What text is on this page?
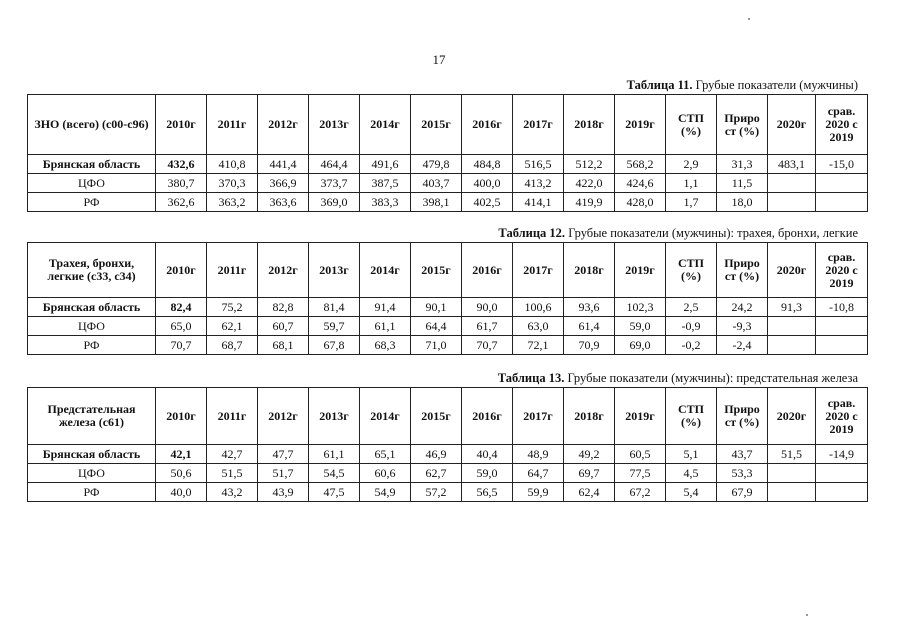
17
Таблица 11. Грубые показатели (мужчины)
ЗНО (всего) (с00-с96)	2010г	2011г	2012г	2013г	2014г	2015г	2016г	2017г	2018г	2019г	СТП (%)	Приро ст (%)	2020г	срав. 2020 с 2019
Брянская область	432,6	410,8	441,4	464,4	491,6	479,8	484,8	516,5	512,2	568,2	2,9	31,3	483,1	-15,0
ЦФО	380,7	370,3	366,9	373,7	387,5	403,7	400,0	413,2	422,0	424,6	1,1	11,5		
РФ	362,6	363,2	363,6	369,0	383,3	398,1	402,5	414,1	419,9	428,0	1,7	18,0		
Таблица 12. Грубые показатели (мужчины): трахея, бронхи, легкие
Трахея, бронхи, легкие (с33, с34)	2010г	2011г	2012г	2013г	2014г	2015г	2016г	2017г	2018г	2019г	СТП (%)	Приро ст (%)	2020г	срав. 2020 с 2019
Брянская область	82,4	75,2	82,8	81,4	91,4	90,1	90,0	100,6	93,6	102,3	2,5	24,2	91,3	-10,8
ЦФО	65,0	62,1	60,7	59,7	61,1	64,4	61,7	63,0	61,4	59,0	-0,9	-9,3		
РФ	70,7	68,7	68,1	67,8	68,3	71,0	70,7	72,1	70,9	69,0	-0,2	-2,4		
Таблица 13. Грубые показатели (мужчины): предстательная железа
Предстательная железа (с61)	2010г	2011г	2012г	2013г	2014г	2015г	2016г	2017г	2018г	2019г	СТП (%)	Приро ст (%)	2020г	срав. 2020 с 2019
Брянская область	42,1	42,7	47,7	61,1	65,1	46,9	40,4	48,9	49,2	60,5	5,1	43,7	51,5	-14,9
ЦФО	50,6	51,5	51,7	54,5	60,6	62,7	59,0	64,7	69,7	77,5	4,5	53,3		
РФ	40,0	43,2	43,9	47,5	54,9	57,2	56,5	59,9	62,4	67,2	5,4	67,9		
